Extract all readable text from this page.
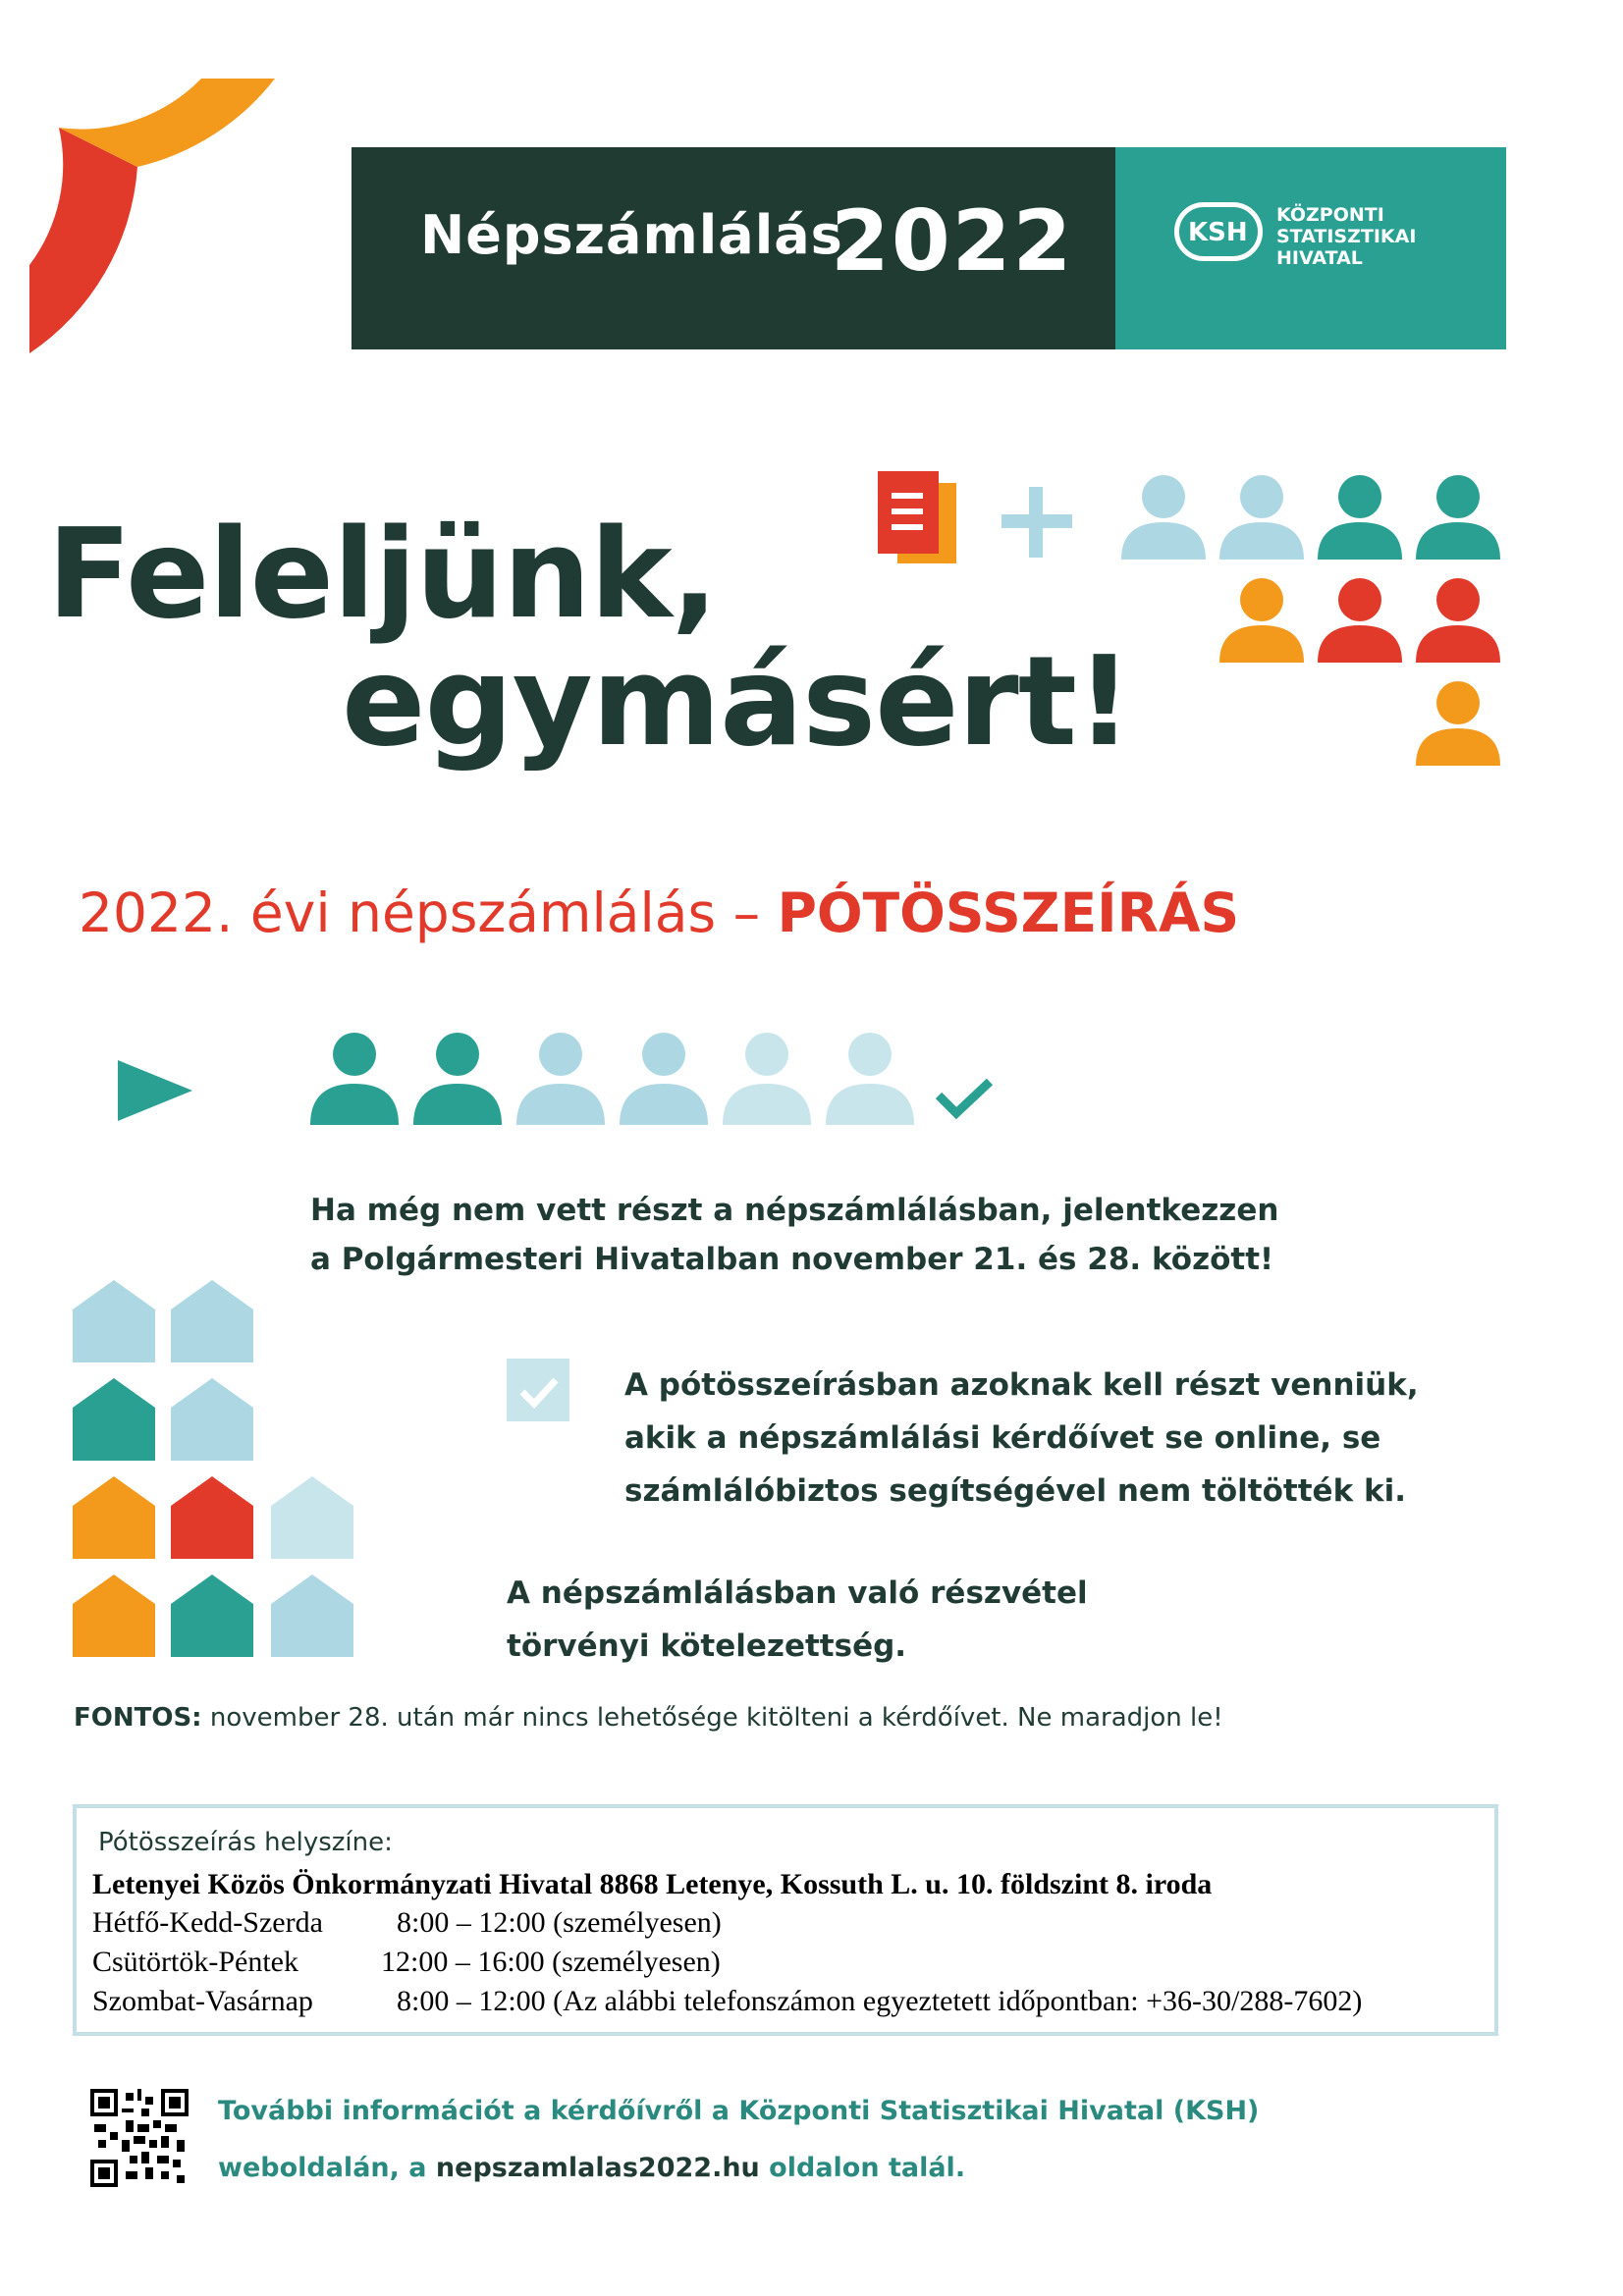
Népszámlálás
2022	KSH
KÖZPONTI
STATISZTIKAI
HIVATAL
Feleljünk,
egymásért!
2022. évi népszámlálás – PÓTÖSSZEÍRÁS
Ha még nem vett részt a népszámlálásban, jelentkezzen
a Polgármesteri Hivatalban november 21. és 28. között!
A pótösszeírásban azoknak kell részt venniük,
akik a népszámlálási kérdőívet se online, se
számlálóbiztos segítségével nem töltötték ki.
A népszámlálásban való részvétel
törvényi kötelezettség.
FONTOS: november 28. után már nincs lehetősége kitölteni a kérdőívet. Ne maradjon le!
Pótösszeírás helyszíne:
Letenyei Közös Önkormányzati Hivatal 8868 Letenye, Kossuth L. u. 10. földszint 8. iroda
Hétfő-Kedd-Szerda	8:00 – 12:00 (személyesen)
Csütörtök-Péntek	12:00 – 16:00 (személyesen)
Szombat-Vasárnap	8:00 – 12:00 (Az alábbi telefonszámon egyeztetett időpontban: +36-30/288-7602)
További információt a kérdőívről a Központi Statisztikai Hivatal (KSH)
weboldalán, a nepszamlalas2022.hu oldalon talál.
